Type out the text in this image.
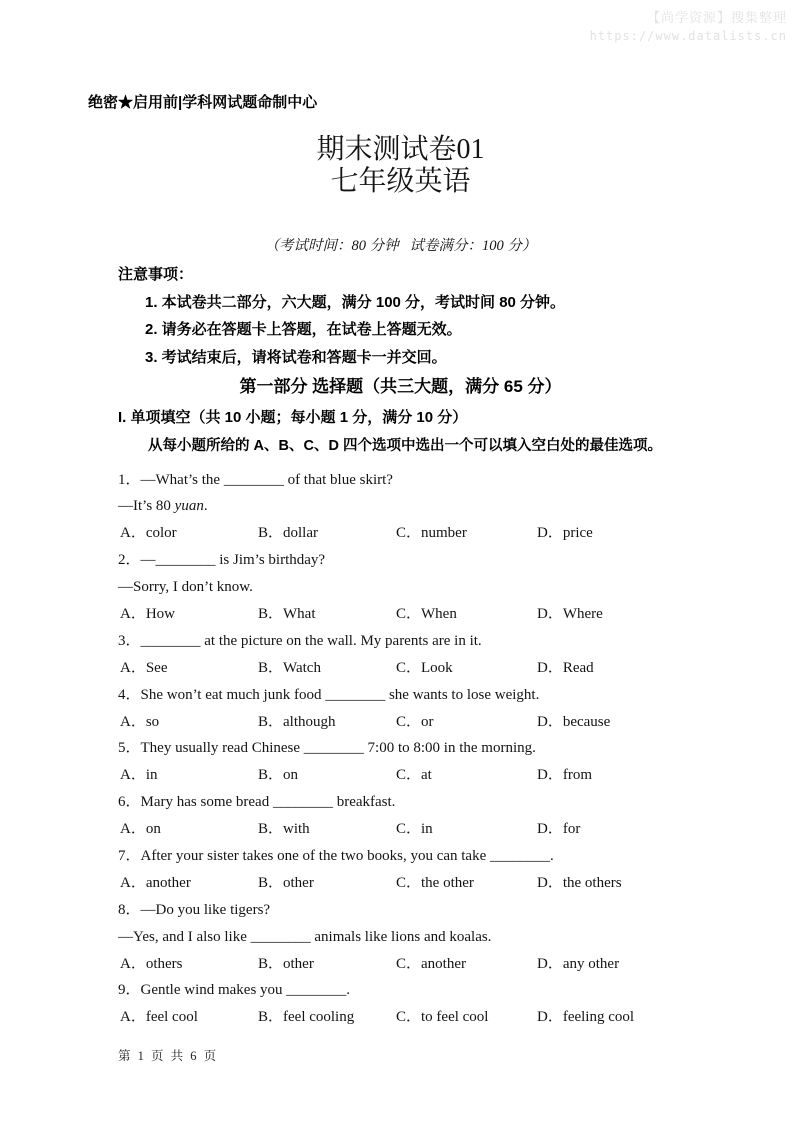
【尚学资源】搜集整理
https://www.datalists.cn
绝密★启用前|学科网试题命制中心
期末测试卷01
七年级英语
（考试时间：80 分钟   试卷满分：100 分）
注意事项：
1. 本试卷共二部分，六大题，满分 100 分，考试时间 80 分钟。
2. 请务必在答题卡上答题，在试卷上答题无效。
3. 考试结束后，请将试卷和答题卡一并交回。
第一部分 选择题（共三大题，满分 65 分）
I. 单项填空（共 10 小题；每小题 1 分，满分 10 分）
从每小题所给的 A、B、C、D 四个选项中选出一个可以填入空白处的最佳选项。
1．—What’s the ________ of that blue skirt?
—It’s 80 yuan.
A．color	B．dollar	C．number	D．price
2．—________ is Jim’s birthday?
—Sorry, I don’t know.
A．How	B．What	C．When	D．Where
3．________ at the picture on the wall. My parents are in it.
A．See	B．Watch	C．Look	D．Read
4．She won’t eat much junk food ________ she wants to lose weight.
A．so	B．although	C．or	D．because
5．They usually read Chinese ________ 7:00 to 8:00 in the morning.
A．in	B．on	C．at	D．from
6．Mary has some bread ________ breakfast.
A．on	B．with	C．in	D．for
7．After your sister takes one of the two books, you can take ________.
A．another	B．other	C．the other	D．the others
8．—Do you like tigers?
—Yes, and I also like ________ animals like lions and koalas.
A．others	B．other	C．another	D．any other
9．Gentle wind makes you ________.
A．feel cool	B．feel cooling	C．to feel cool	D．feeling cool
第 1 页 共 6 页
